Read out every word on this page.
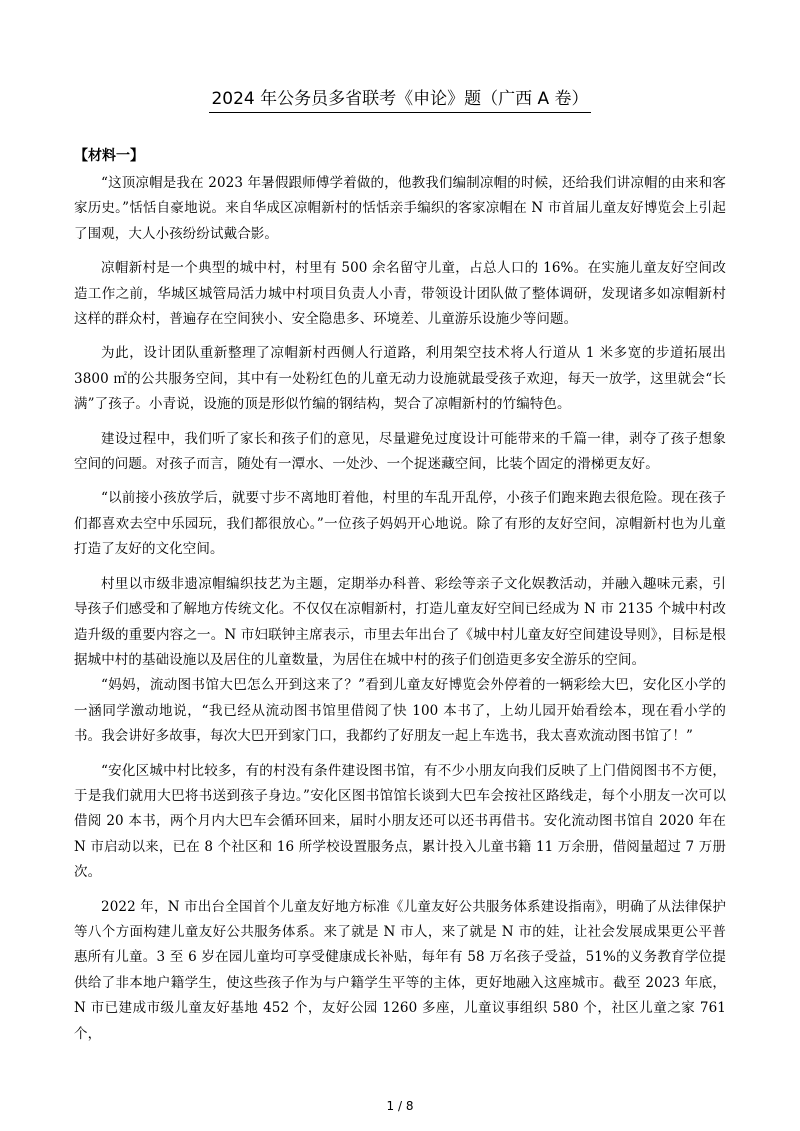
2024 年公务员多省联考《申论》题（广西 A 卷）
【材料一】

“这顶凉帽是我在 2023 年暑假跟师傅学着做的，他教我们编制凉帽的时候，还给我们讲凉帽的由来和客家历史。”恬恬自豪地说。来自华成区凉帽新村的恬恬亲手编织的客家凉帽在 N 市首届儿童友好博览会上引起了围观，大人小孩纷纷试戴合影。

凉帽新村是一个典型的城中村，村里有 500 余名留守儿童，占总人口的 16%。在实施儿童友好空间改造工作之前，华城区城管局活力城中村项目负责人小青，带领设计团队做了整体调研，发现诸多如凉帽新村这样的群众村，普遍存在空间狭小、安全隐患多、环境差、儿童游乐设施少等问题。

为此，设计团队重新整理了凉帽新村西侧人行道路，利用架空技术将人行道从 1 米多宽的步道拓展出 3800 ㎡的公共服务空间，其中有一处粉红色的儿童无动力设施就最受孩子欢迎，每天一放学，这里就会“长满”了孩子。小青说，设施的顶是形似竹编的钢结构，契合了凉帽新村的竹编特色。

建设过程中，我们听了家长和孩子们的意见，尽量避免过度设计可能带来的千篇一律，剥夺了孩子想象空间的问题。对孩子而言，随处有一潭水、一处沙、一个捉迷藏空间，比装个固定的滑梯更友好。

“以前接小孩放学后，就要寸步不离地盯着他，村里的车乱开乱停，小孩子们跑来跑去很危险。现在孩子们都喜欢去空中乐园玩，我们都很放心。”一位孩子妈妈开心地说。除了有形的友好空间，凉帽新村也为儿童打造了友好的文化空间。

村里以市级非遗凉帽编织技艺为主题，定期举办科普、彩绘等亲子文化娱教活动，并融入趣味元素，引导孩子们感受和了解地方传统文化。不仅仅在凉帽新村，打造儿童友好空间已经成为 N 市 2135 个城中村改造升级的重要内容之一。N 市妇联钟主席表示，市里去年出台了《城中村儿童友好空间建设导则》，目标是根据城中村的基础设施以及居住的儿童数量，为居住在城中村的孩子们创造更多安全游乐的空间。

“妈妈，流动图书馆大巴怎么开到这来了？”看到儿童友好博览会外停着的一辆彩绘大巴，安化区小学的一涵同学激动地说，“我已经从流动图书馆里借阅了快 100 本书了，上幼儿园开始看绘本，现在看小学的书。我会讲好多故事，每次大巴开到家门口，我都约了好朋友一起上车选书，我太喜欢流动图书馆了！”

“安化区城中村比较多，有的村没有条件建设图书馆，有不少小朋友向我们反映了上门借阅图书不方便，于是我们就用大巴将书送到孩子身边。”安化区图书馆馆长谈到大巴车会按社区路线走，每个小朋友一次可以借阅 20 本书，两个月内大巴车会循环回来，届时小朋友还可以还书再借书。安化流动图书馆自 2020 年在 N 市启动以来，已在 8 个社区和 16 所学校设置服务点，累计投入儿童书籍 11 万余册，借阅量超过 7 万册次。

2022 年，N 市出台全国首个儿童友好地方标准《儿童友好公共服务体系建设指南》，明确了从法律保护等八个方面构建儿童友好公共服务体系。来了就是 N 市人，来了就是 N 市的娃，让社会发展成果更公平普惠所有儿童。3 至 6 岁在园儿童均可享受健康成长补贴，每年有 58 万名孩子受益，51%的义务教育学位提供给了非本地户籍学生，使这些孩子作为与户籍学生平等的主体，更好地融入这座城市。截至 2023 年底，N 市已建成市级儿童友好基地 452 个，友好公园 1260 多座，儿童议事组织 580 个，社区儿童之家 761 个，

1 / 8
